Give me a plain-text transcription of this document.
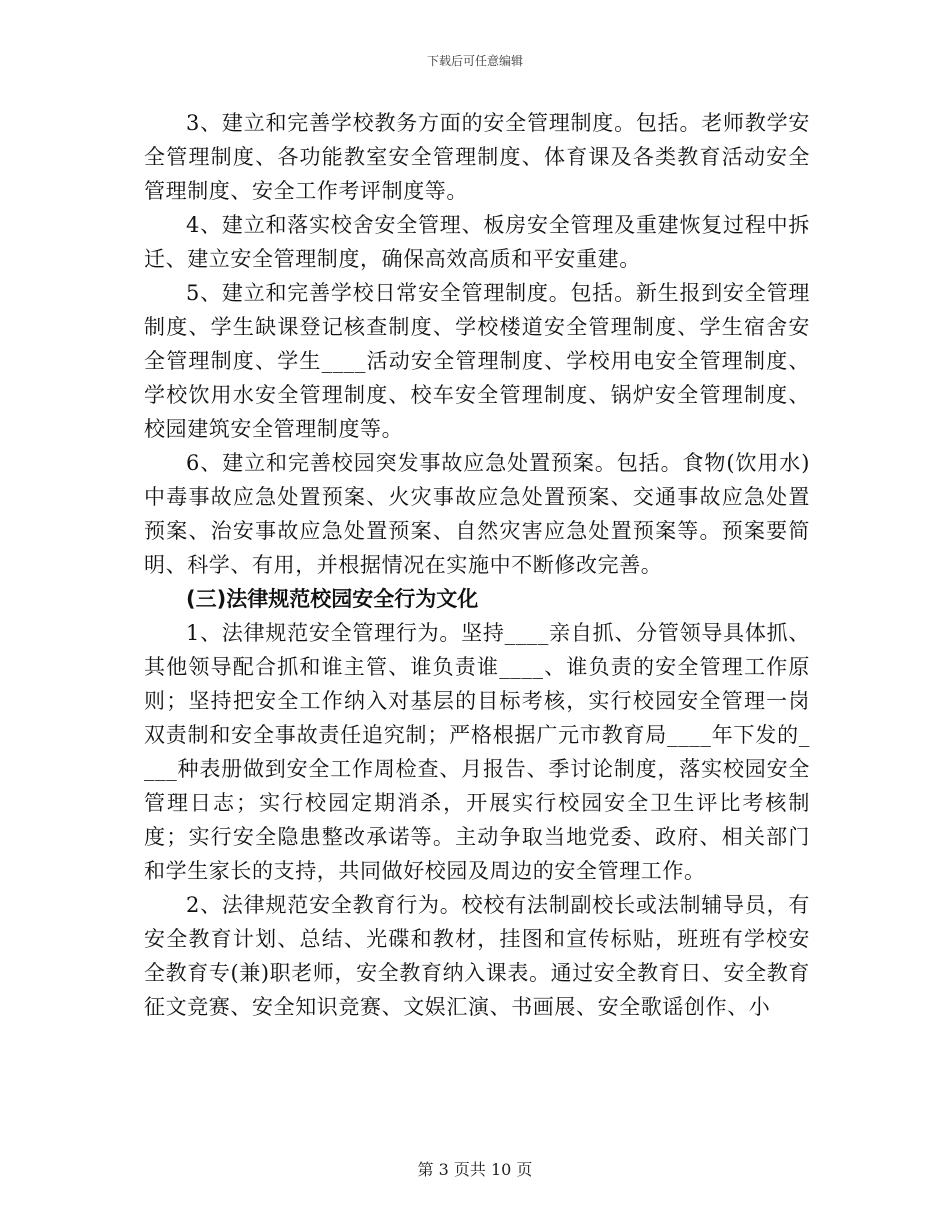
下载后可任意编辑

3、建立和完善学校教务方面的安全管理制度。包括。老师教学安全管理制度、各功能教室安全管理制度、体育课及各类教育活动安全管理制度、安全工作考评制度等。

4、建立和落实校舍安全管理、板房安全管理及重建恢复过程中拆迁、建立安全管理制度，确保高效高质和平安重建。

5、建立和完善学校日常安全管理制度。包括。新生报到安全管理制度、学生缺课登记核查制度、学校楼道安全管理制度、学生宿舍安全管理制度、学生____活动安全管理制度、学校用电安全管理制度、学校饮用水安全管理制度、校车安全管理制度、锅炉安全管理制度、校园建筑安全管理制度等。

6、建立和完善校园突发事故应急处置预案。包括。食物(饮用水)中毒事故应急处置预案、火灾事故应急处置预案、交通事故应急处置预案、治安事故应急处置预案、自然灾害应急处置预案等。预案要简明、科学、有用，并根据情况在实施中不断修改完善。

(三)法律规范校园安全行为文化

1、法律规范安全管理行为。坚持____亲自抓、分管领导具体抓、其他领导配合抓和谁主管、谁负责谁____、谁负责的安全管理工作原则；坚持把安全工作纳入对基层的目标考核，实行校园安全管理一岗双责制和安全事故责任追究制；严格根据广元市教育局____年下发的____种表册做到安全工作周检查、月报告、季讨论制度，落实校园安全管理日志；实行校园定期消杀，开展实行校园安全卫生评比考核制度；实行安全隐患整改承诺等。主动争取当地党委、政府、相关部门和学生家长的支持，共同做好校园及周边的安全管理工作。

2、法律规范安全教育行为。校校有法制副校长或法制辅导员，有安全教育计划、总结、光碟和教材，挂图和宣传标贴，班班有学校安全教育专(兼)职老师，安全教育纳入课表。通过安全教育日、安全教育征文竞赛、安全知识竞赛、文娱汇演、书画展、安全歌谣创作、小

第 3 页共 10 页
